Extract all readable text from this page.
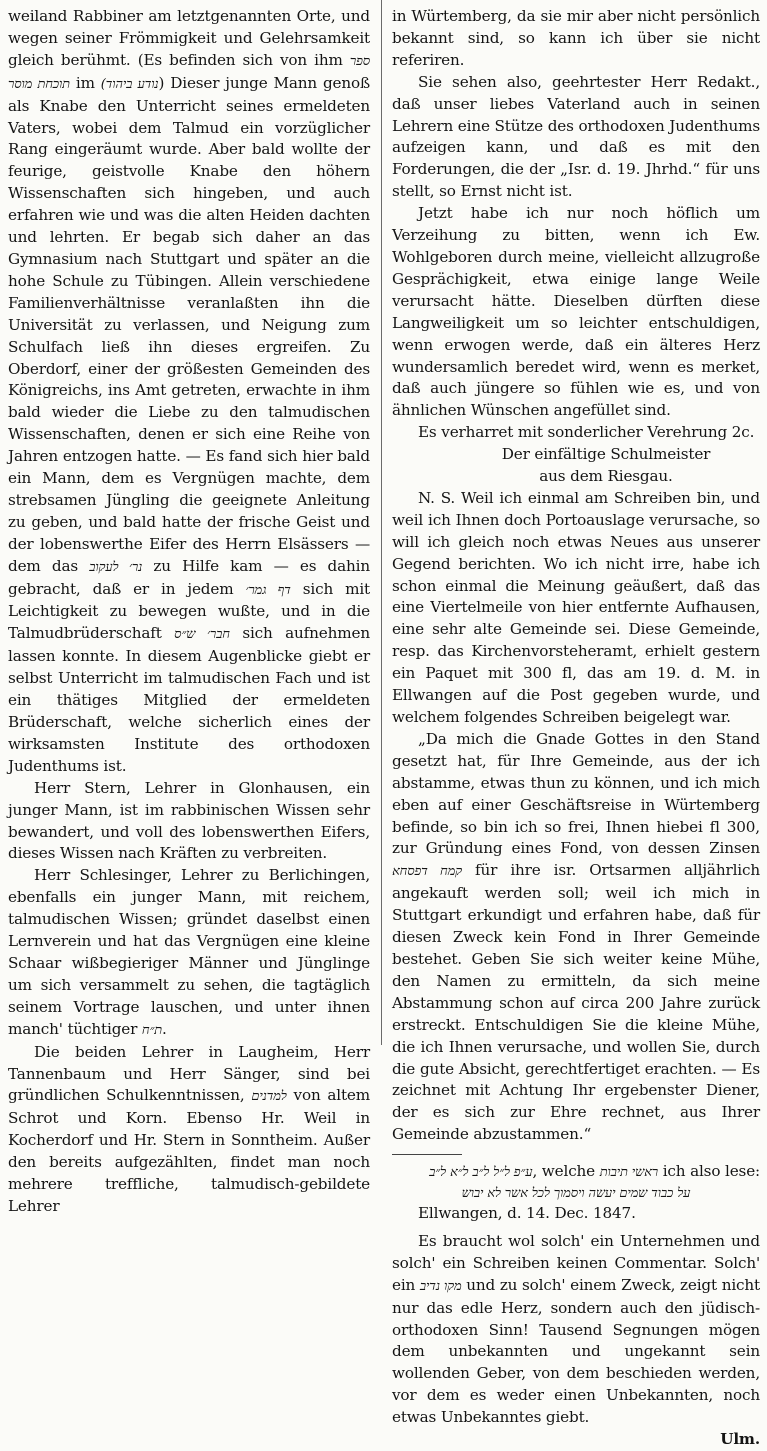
weiland Rabbiner am letztgenannten Orte, und wegen seiner Frömmigkeit und Gelehrsamkeit gleich berühmt. (Es befinden sich von ihm ספר תוכחת מוסר im (נודע ביהוד) Dieser junge Mann genoß als Knabe den Unterricht seines ermeldeten Vaters, wobei dem Talmud ein vorzüglicher Rang eingeräumt wurde. Aber bald wollte der feurige, geistvolle Knabe den höhern Wissenschaften sich hingeben, und auch erfahren wie und was die alten Heiden dachten und lehrten. Er begab sich daher an das Gymnasium nach Stuttgart und später an die hohe Schule zu Tübingen. Allein verschiedene Familienverhältnisse veranlaßten ihn die Universität zu verlassen, und Neigung zum Schulfach ließ ihn dieses ergreifen. Zu Oberdorf, einer der größesten Gemeinden des Königreichs, ins Amt getreten, erwachte in ihm bald wieder die Liebe zu den talmudischen Wissenschaften, denen er sich eine Reihe von Jahren entzogen hatte. — Es fand sich hier bald ein Mann, dem es Vergnügen machte, dem strebsamen Jüngling die geeignete Anleitung zu geben, und bald hatte der frische Geist und der lobenswerthe Eifer des Herrn Elsässers — dem das נר׳ לעקוב zu Hilfe kam — es dahin gebracht, daß er in jedem דף גמר׳ sich mit Leichtigkeit zu bewegen wußte, und in die Talmudbrüderschaft חבר׳ ש״ס sich aufnehmen lassen konnte. In diesem Augenblicke giebt er selbst Unterricht im talmudischen Fach und ist ein thätiges Mitglied der ermeldeten Brüderschaft, welche sicherlich eines der wirksamsten Institute des orthodoxen Judenthums ist.

Herr Stern, Lehrer in Glonhausen, ein junger Mann, ist im rabbinischen Wissen sehr bewandert, und voll des lobenswerthen Eifers, dieses Wissen nach Kräften zu verbreiten.

Herr Schlesinger, Lehrer zu Berlichingen, ebenfalls ein junger Mann, mit reichem, talmudischen Wissen; gründet daselbst einen Lernverein und hat das Vergnügen eine kleine Schaar wißbegieriger Männer und Jünglinge um sich versammelt zu sehen, die tagtäglich seinem Vortrage lauschen, und unter ihnen manch' tüchtiger ת״ח.

Die beiden Lehrer in Laugheim, Herr Tannenbaum und Herr Sänger, sind bei gründlichen Schulkenntnissen, למדנים von altem Schrot und Korn. Ebenso Hr. Weil in Kocherdorf und Hr. Stern in Sonntheim. Außer den bereits aufgezählten, findet man noch mehrere treffliche, talmudisch-gebildete Lehrer

in Würtemberg, da sie mir aber nicht persönlich bekannt sind, so kann ich über sie nicht referiren.

Sie sehen also, geehrtester Herr Redakt., daß unser liebes Vaterland auch in seinen Lehrern eine Stütze des orthodoxen Judenthums aufzeigen kann, und daß es mit den Forderungen, die der „Isr. d. 19. Jhrhd.“ für uns stellt, so Ernst nicht ist.

Jetzt habe ich nur noch höflich um Verzeihung zu bitten, wenn ich Ew. Wohlgeboren durch meine, vielleicht allzugroße Gesprächigkeit, etwa einige lange Weile verursacht hätte. Dieselben dürften diese Langweiligkeit um so leichter entschuldigen, wenn erwogen werde, daß ein älteres Herz wundersamlich beredet wird, wenn es merket, daß auch jüngere so fühlen wie es, und von ähnlichen Wünschen angefüllet sind.

Es verharret mit sonderlicher Verehrung 2c.

Der einfältige Schulmeister

aus dem Riesgau.

N. S. Weil ich einmal am Schreiben bin, und weil ich Ihnen doch Portoauslage verursache, so will ich gleich noch etwas Neues aus unserer Gegend berichten. Wo ich nicht irre, habe ich schon einmal die Meinung geäußert, daß das eine Viertelmeile von hier entfernte Aufhausen, eine sehr alte Gemeinde sei. Diese Gemeinde, resp. das Kirchenvorsteheramt, erhielt gestern ein Paquet mit 300 fl, das am 19. d. M. in Ellwangen auf die Post gegeben wurde, und welchem folgendes Schreiben beigelegt war.

„Da mich die Gnade Gottes in den Stand gesetzt hat, für Ihre Gemeinde, aus der ich abstamme, etwas thun zu können, und ich mich eben auf einer Geschäftsreise in Würtemberg befinde, so bin ich so frei, Ihnen hiebei fl 300, zur Gründung eines Fond, von dessen Zinsen קמח דפסחא für ihre isr. Ortsarmen alljährlich angekauft werden soll; weil ich mich in Stuttgart erkundigt und erfahren habe, daß für diesen Zweck kein Fond in Ihrer Gemeinde bestehet. Geben Sie sich weiter keine Mühe, den Namen zu ermitteln, da sich meine Abstammung schon auf circa 200 Jahre zurück erstreckt. Entschuldigen Sie die kleine Mühe, die ich Ihnen verursache, und wollen Sie, durch die gute Absicht, gerechtfertiget erachten. — Es zeichnet mit Achtung Ihr ergebenster Diener, der es sich zur Ehre rechnet, aus Ihrer Gemeinde abzustammen.“

ע״פ ל״ל ל״ב ל״א ל״ב, welche ראשי תיבות ich also lese:

על כבוד שמים יעשה ויסמוך לכל אשר לא יבוש

Ellwangen, d. 14. Dec. 1847.

Es braucht wol solch' ein Unternehmen und solch' ein Schreiben keinen Commentar. Solch' ein מקו נדיב und zu solch' einem Zweck, zeigt nicht nur das edle Herz, sondern auch den jüdisch-orthodoxen Sinn! Tausend Segnungen mögen dem unbekannten und ungekannt sein wollenden Geber, von dem beschieden werden, vor dem es weder einen Unbekannten, noch etwas Unbekanntes giebt.

Ulm.
